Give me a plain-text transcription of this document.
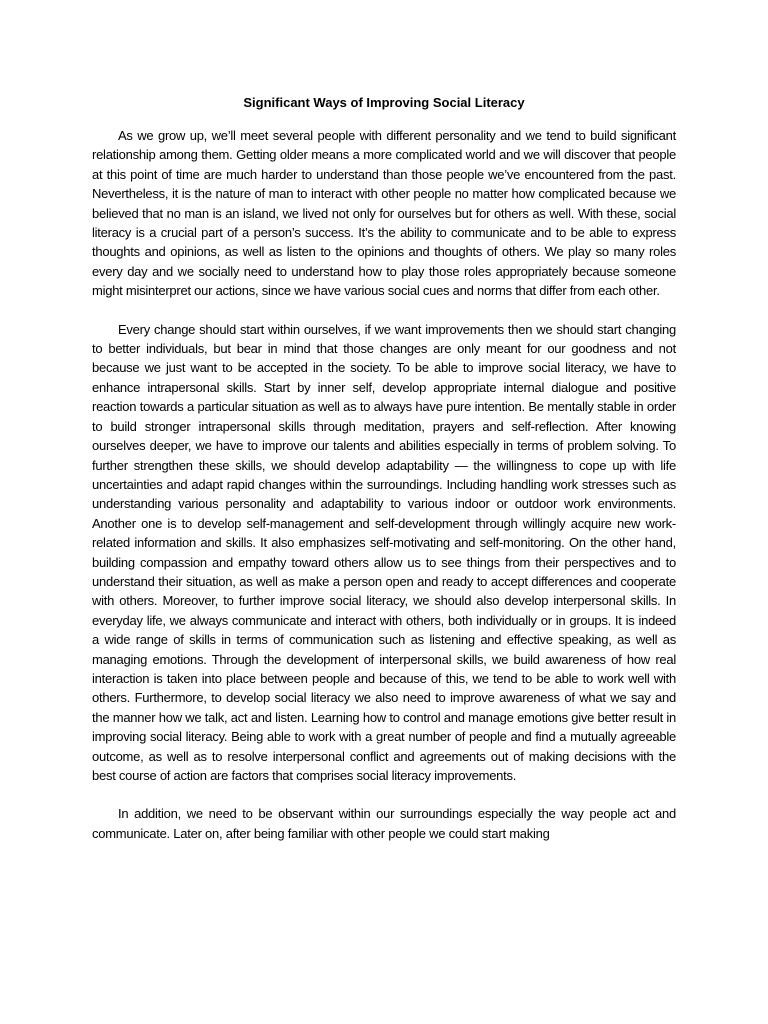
Significant Ways of Improving Social Literacy

As we grow up, we’ll meet several people with different personality and we tend to build significant relationship among them. Getting older means a more complicated world and we will discover that people at this point of time are much harder to understand than those people we’ve encountered from the past. Nevertheless, it is the nature of man to interact with other people no matter how complicated because we believed that no man is an island, we lived not only for ourselves but for others as well. With these, social literacy is a crucial part of a person’s success. It’s the ability to communicate and to be able to express thoughts and opinions, as well as listen to the opinions and thoughts of others. We play so many roles every day and we socially need to understand how to play those roles appropriately because someone might misinterpret our actions, since we have various social cues and norms that differ from each other.

Every change should start within ourselves, if we want improvements then we should start changing to better individuals, but bear in mind that those changes are only meant for our goodness and not because we just want to be accepted in the society. To be able to improve social literacy, we have to enhance intrapersonal skills. Start by inner self, develop appropriate internal dialogue and positive reaction towards a particular situation as well as to always have pure intention. Be mentally stable in order to build stronger intrapersonal skills through meditation, prayers and self-reflection. After knowing ourselves deeper, we have to improve our talents and abilities especially in terms of problem solving. To further strengthen these skills, we should develop adaptability — the willingness to cope up with life uncertainties and adapt rapid changes within the surroundings. Including handling work stresses such as understanding various personality and adaptability to various indoor or outdoor work environments. Another one is to develop self-management and self-development through willingly acquire new work-related information and skills. It also emphasizes self-motivating and self-monitoring. On the other hand, building compassion and empathy toward others allow us to see things from their perspectives and to understand their situation, as well as make a person open and ready to accept differences and cooperate with others. Moreover, to further improve social literacy, we should also develop interpersonal skills. In everyday life, we always communicate and interact with others, both individually or in groups. It is indeed a wide range of skills in terms of communication such as listening and effective speaking, as well as managing emotions. Through the development of interpersonal skills, we build awareness of how real interaction is taken into place between people and because of this, we tend to be able to work well with others. Furthermore, to develop social literacy we also need to improve awareness of what we say and the manner how we talk, act and listen. Learning how to control and manage emotions give better result in improving social literacy. Being able to work with a great number of people and find a mutually agreeable outcome, as well as to resolve interpersonal conflict and agreements out of making decisions with the best course of action are factors that comprises social literacy improvements.

In addition, we need to be observant within our surroundings especially the way people act and communicate. Later on, after being familiar with other people we could start making
